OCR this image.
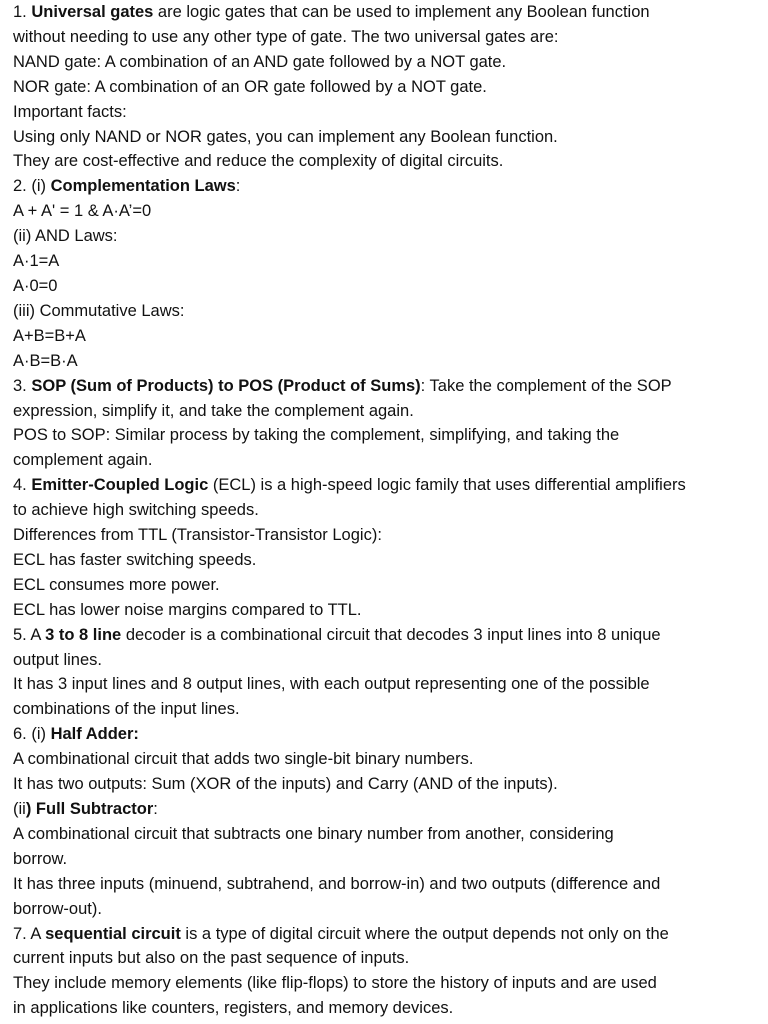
1. Universal gates are logic gates that can be used to implement any Boolean function
without needing to use any other type of gate. The two universal gates are:
NAND gate: A combination of an AND gate followed by a NOT gate.
NOR gate: A combination of an OR gate followed by a NOT gate.
Important facts:
Using only NAND or NOR gates, you can implement any Boolean function.
They are cost-effective and reduce the complexity of digital circuits.
2. (i) Complementation Laws:
A + A' = 1 & A·A’=0
(ii) AND Laws:
A·1=A
A·0=0
(iii) Commutative Laws:
A+B=B+A
A·B=B·A
3. SOP (Sum of Products) to POS (Product of Sums): Take the complement of the SOP
expression, simplify it, and take the complement again.
POS to SOP: Similar process by taking the complement, simplifying, and taking the
complement again.
4. Emitter-Coupled Logic (ECL) is a high-speed logic family that uses differential amplifiers
to achieve high switching speeds.
Differences from TTL (Transistor-Transistor Logic):
ECL has faster switching speeds.
ECL consumes more power.
ECL has lower noise margins compared to TTL.
5. A 3 to 8 line decoder is a combinational circuit that decodes 3 input lines into 8 unique
output lines.
It has 3 input lines and 8 output lines, with each output representing one of the possible
combinations of the input lines.
6. (i) Half Adder:
A combinational circuit that adds two single-bit binary numbers.
It has two outputs: Sum (XOR of the inputs) and Carry (AND of the inputs).
(ii) Full Subtractor:
A combinational circuit that subtracts one binary number from another, considering
borrow.
It has three inputs (minuend, subtrahend, and borrow-in) and two outputs (difference and
borrow-out).
7. A sequential circuit is a type of digital circuit where the output depends not only on the
current inputs but also on the past sequence of inputs.
They include memory elements (like flip-flops) to store the history of inputs and are used
in applications like counters, registers, and memory devices.
